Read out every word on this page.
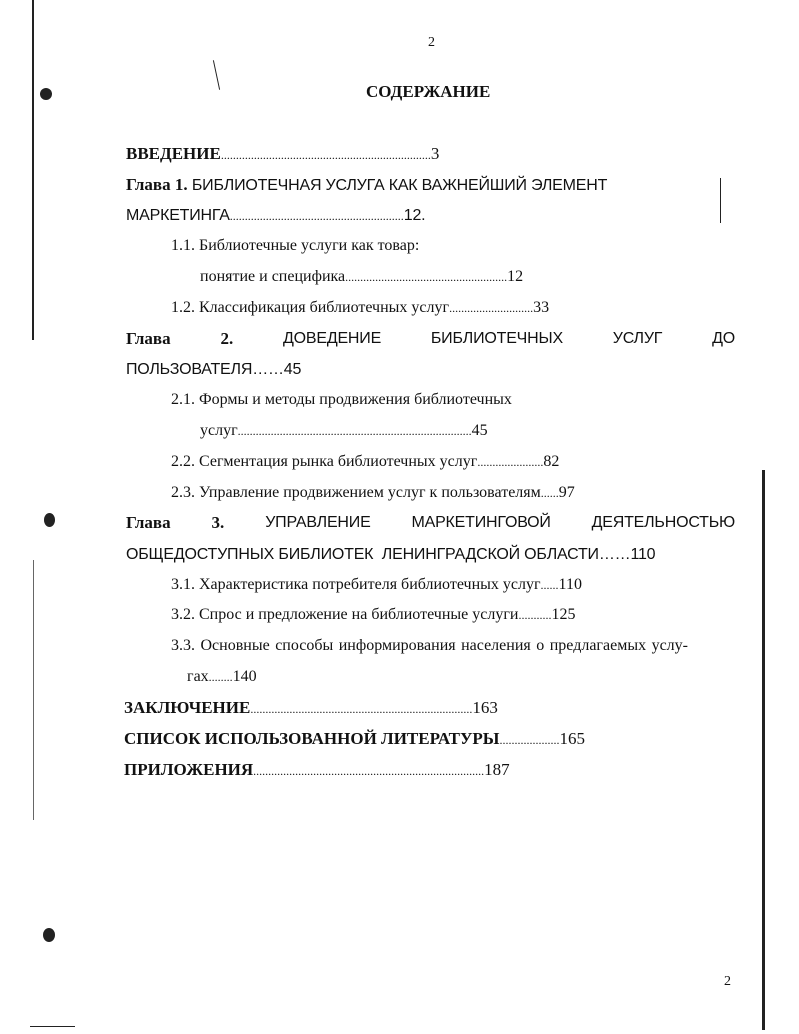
2
СОДЕРЖАНИЕ
ВВЕДЕНИЕ......................................................................3
Глава 1. БИБЛИОТЕЧНАЯ УСЛУГА КАК ВАЖНЕЙШИЙ ЭЛЕМЕНТ
МАРКЕТИНГА..........................................................12.
1.1. Библиотечные услуги как товар:
понятие и специфика......................................................12
1.2. Классификация библиотечных услуг............................33
Глава	2.	ДОВЕДЕНИЕ	БИБЛИОТЕЧНЫХ	УСЛУГ	ДО
ПОЛЬЗОВАТЕЛЯ……45
2.1. Формы и методы продвижения библиотечных
услуг..............................................................................45
2.2. Сегментация рынка библиотечных услуг......................82
2.3. Управление продвижением услуг к пользователям......97
Глава 3.	УПРАВЛЕНИЕ	МАРКЕТИНГОВОЙ	ДЕЯТЕЛЬНОСТЬЮ
ОБЩЕДОСТУПНЫХ БИБЛИОТЕК  ЛЕНИНГРАДСКОЙ ОБЛАСТИ……110
3.1. Характеристика потребителя библиотечных услуг......110
3.2. Спрос и предложение на библиотечные услуги...........125
3.3. Основные способы информирования населения о предлагаемых услу-
гах........140
ЗАКЛЮЧЕНИЕ..........................................................................163
СПИСОК ИСПОЛЬЗОВАННОЙ ЛИТЕРАТУРЫ....................165
ПРИЛОЖЕНИЯ.............................................................................187
2
